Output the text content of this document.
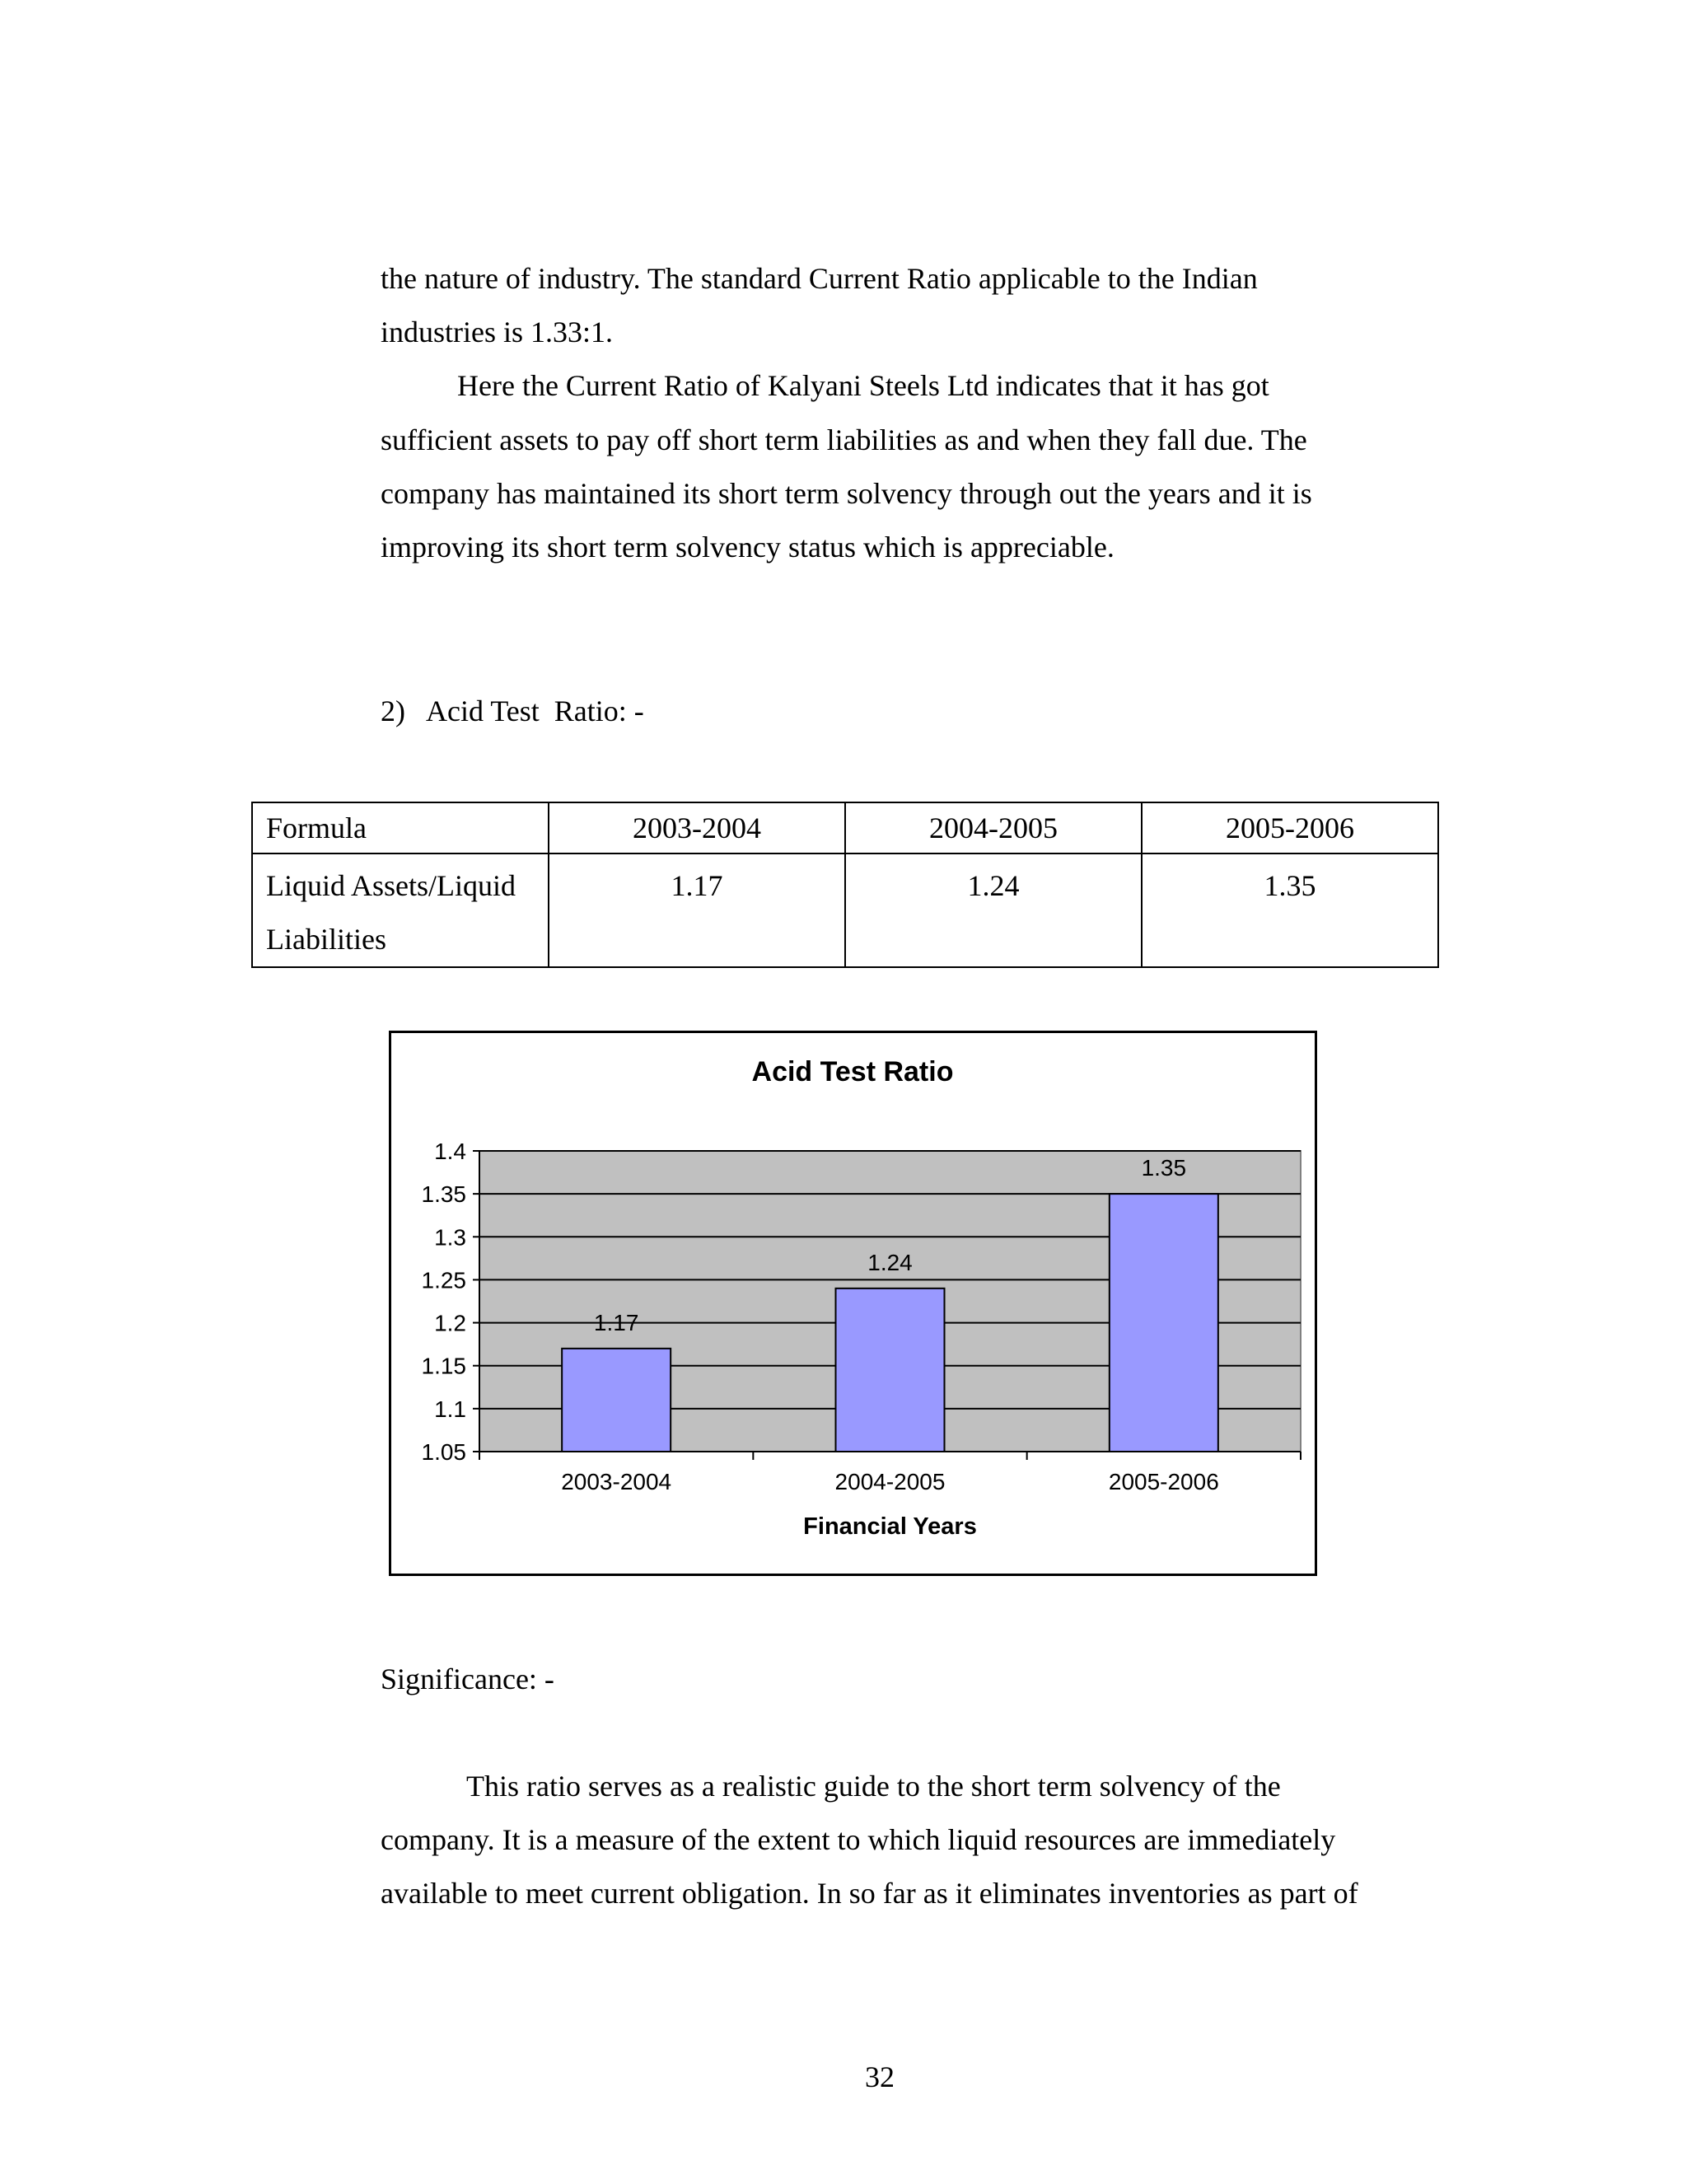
the nature of industry. The standard Current Ratio applicable to the Indian
industries is 1.33:1.
Here the Current Ratio of Kalyani Steels Ltd indicates that it has got
sufficient assets to pay off short term liabilities as and when they fall due. The
company has maintained its short term solvency through out the years and it is
improving its short term solvency status which is appreciable.
2)   Acid Test  Ratio: -
Formula	2003-2004	2004-2005	2005-2006

Liquid Assets/Liquid
Liabilities	1.17	1.24	1.35
1.05
1.1
1.15
1.2
1.25
1.3
1.35
1.4
1.17
2003-2004
1.24
2004-2005
1.35
2005-2006
Acid Test Ratio
Financial Years
Significance: -
This ratio serves as a realistic guide to the short term solvency of the
company. It is a measure of the extent to which liquid resources are immediately
available to meet current obligation. In so far as it eliminates inventories as part of
32
